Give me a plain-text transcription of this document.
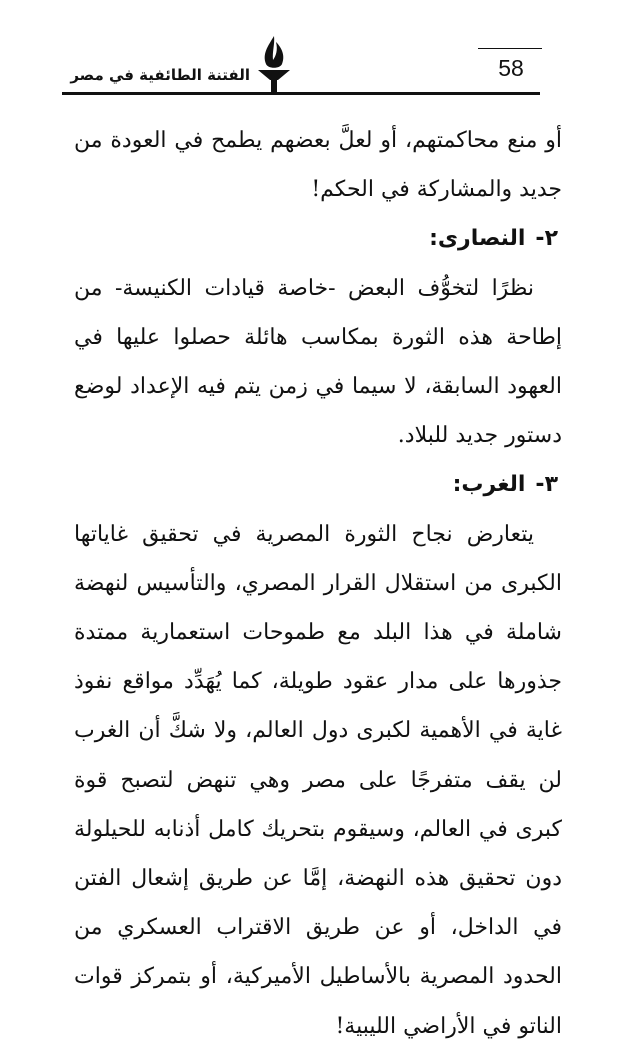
58
الفتنة الطائفية في مصر

أو منع محاكمتهم، أو لعلَّ بعضهم يطمح في العودة من جديد والمشاركة في الحكم!

٢-النصارى:

نظرًا لتخوُّف البعض -خاصة قيادات الكنيسة- من إطاحة هذه الثورة بمكاسب هائلة حصلوا عليها في العهود السابقة، لا سيما في زمن يتم فيه الإعداد لوضع دستور جديد للبلاد.

٣-الغرب:

يتعارض نجاح الثورة المصرية في تحقيق غاياتها الكبرى من استقلال القرار المصري، والتأسيس لنهضة شاملة في هذا البلد مع طموحات استعمارية ممتدة جذورها على مدار عقود طويلة، كما يُهَدِّد مواقع نفوذ غاية في الأهمية لكبرى دول العالم، ولا شكَّ أن الغرب لن يقف متفرجًا على مصر وهي تنهض لتصبح قوة كبرى في العالم، وسيقوم بتحريك كامل أذنابه للحيلولة دون تحقيق هذه النهضة، إمَّا عن طريق إشعال الفتن في الداخل، أو عن طريق الاقتراب العسكري من الحدود المصرية بالأساطيل الأميركية، أو بتمركز قوات الناتو في الأراضي الليبية!
